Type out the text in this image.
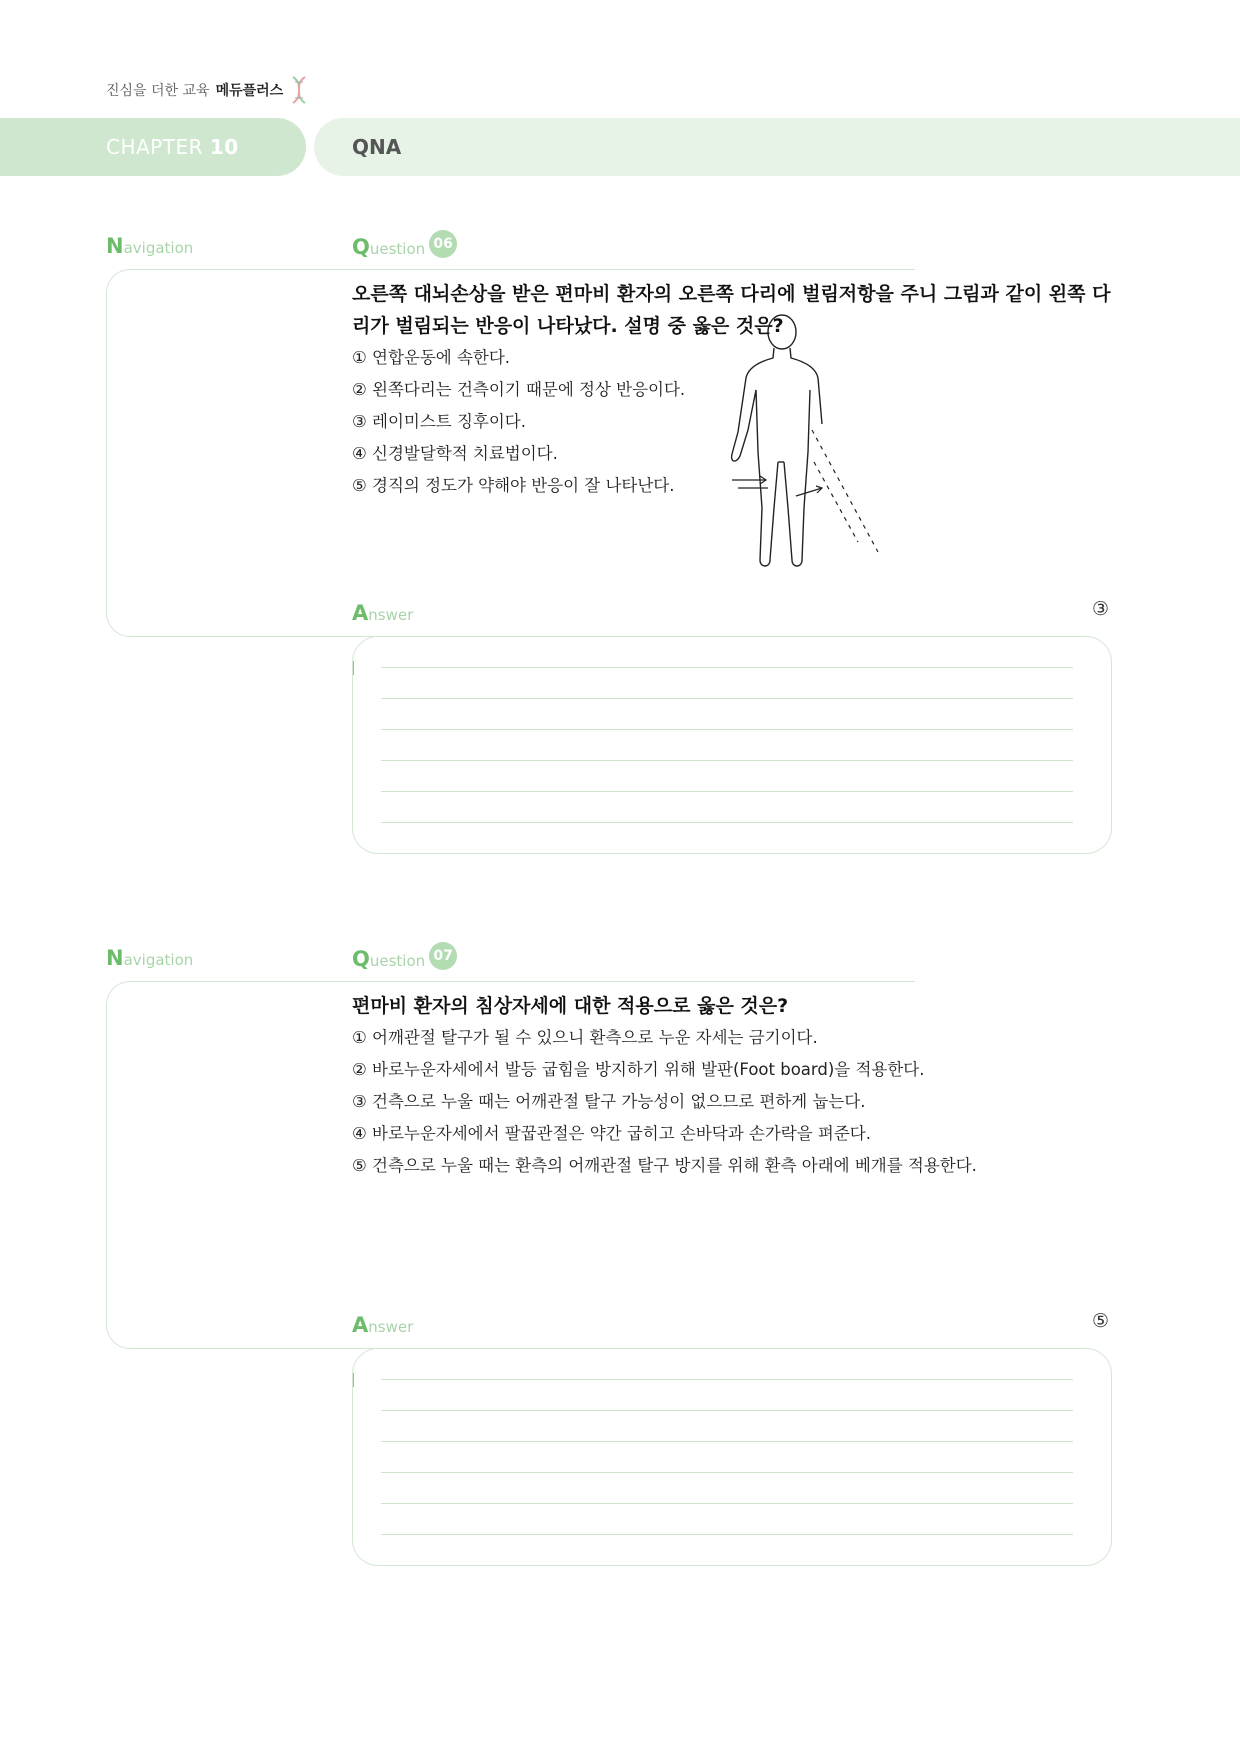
진심을 더한 교육 메듀플러스
CHAPTER 10	QNA
Navigation	Question 06

오른쪽 대뇌손상을 받은 편마비 환자의 오른쪽 다리에 벌림저항을 주니 그림과 같이 왼쪽 다리가 벌림되는 반응이 나타났다. 설명 중 옳은 것은?

① 연합운동에 속한다.
② 왼쪽다리는 건측이기 때문에 정상 반응이다.
③ 레이미스트 징후이다.
④ 신경발달학적 치료법이다.
⑤ 경직의 정도가 약해야 반응이 잘 나타난다.
Answer	③
Navigation	Question 07

편마비 환자의 침상자세에 대한 적용으로 옳은 것은?

① 어깨관절 탈구가 될 수 있으니 환측으로 누운 자세는 금기이다.
② 바로누운자세에서 발등 굽힘을 방지하기 위해 발판(Foot board)을 적용한다.
③ 건측으로 누울 때는 어깨관절 탈구 가능성이 없으므로 편하게 눕는다.
④ 바로누운자세에서 팔꿉관절은 약간 굽히고 손바닥과 손가락을 펴준다.
⑤ 건측으로 누울 때는 환측의 어깨관절 탈구 방지를 위해 환측 아래에 베개를 적용한다.
Answer	⑤
